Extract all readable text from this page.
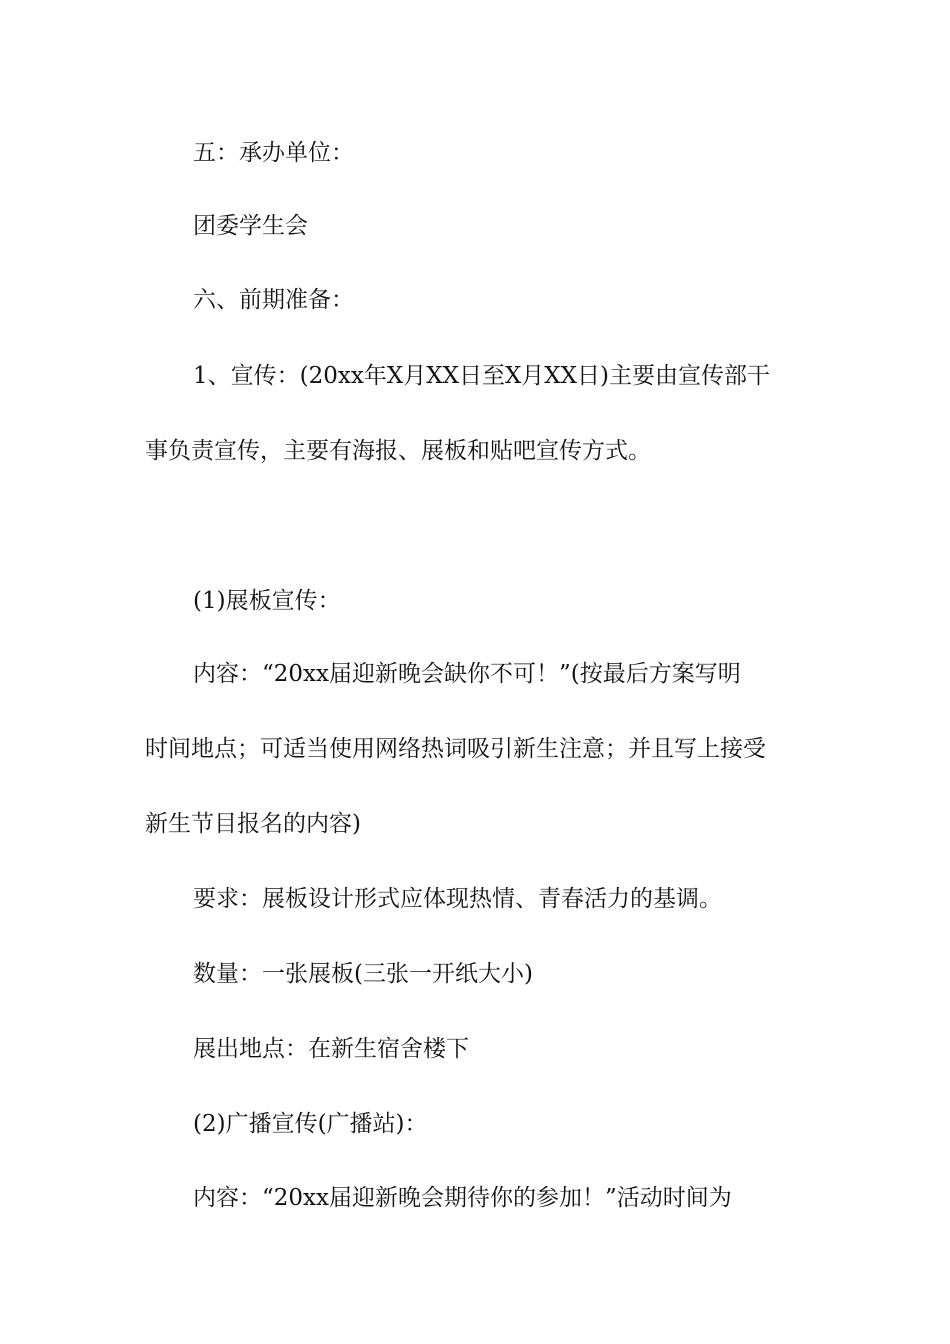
五：承办单位：
团委学生会
六、前期准备：
1、宣传：(20xx年X月XX日至X月XX日)主要由宣传部干
事负责宣传，主要有海报、展板和贴吧宣传方式。
(1)展板宣传：
内容：“20xx届迎新晚会缺你不可！”(按最后方案写明
时间地点；可适当使用网络热词吸引新生注意；并且写上接受
新生节目报名的内容)
要求：展板设计形式应体现热情、青春活力的基调。
数量：一张展板(三张一开纸大小)
展出地点：在新生宿舍楼下
(2)广播宣传(广播站)：
内容：“20xx届迎新晚会期待你的参加！”活动时间为
